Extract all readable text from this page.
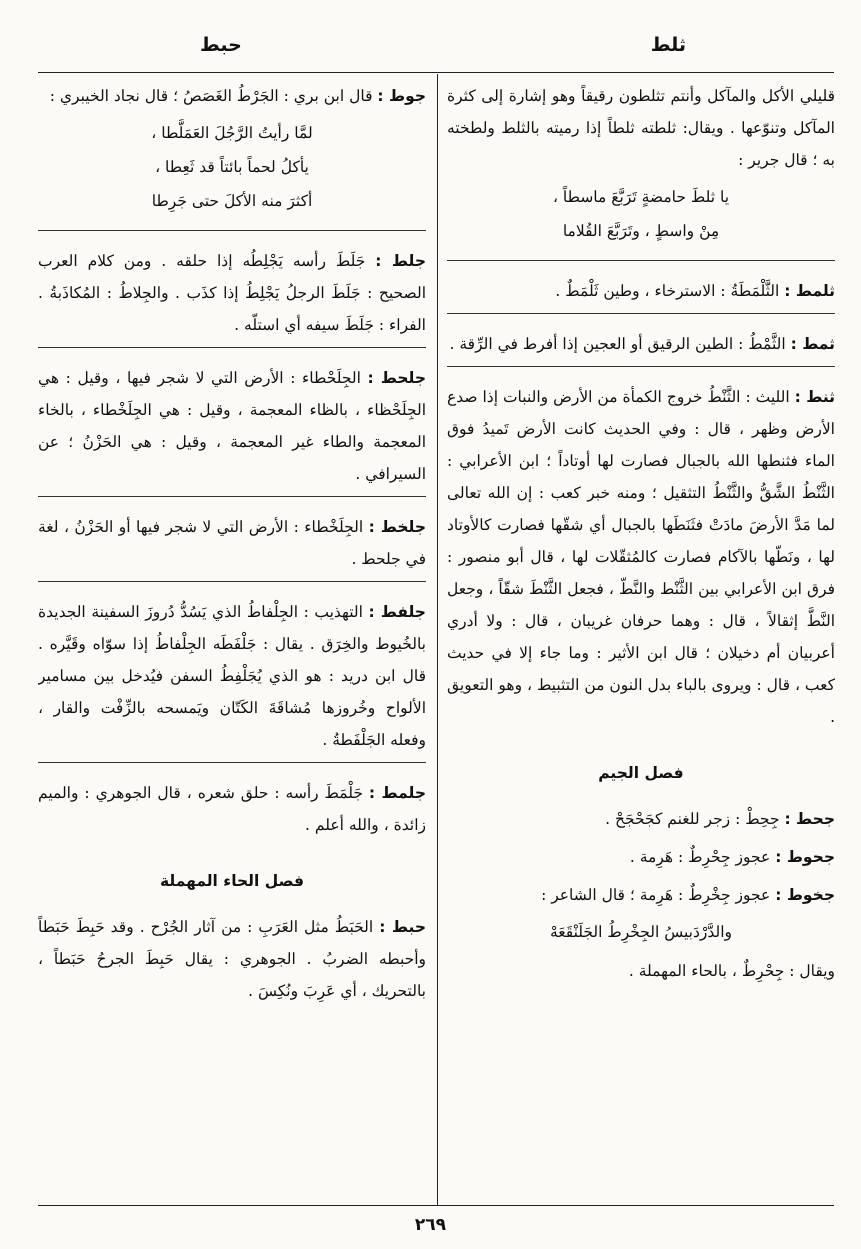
ثلط
حبط

قليلي الأكل والمآكل وأنتم تثلطون رقيقاً وهو إشارة إلى كثرة المآكل وتنوّعها . ويقال: ثلطته ثلطاً إذا رميته بالثلط ولطخته به ؛ قال جرير :

يا ثلطَ حامضةٍ تَرَبَّعَ ماسطاً ،
مِنْ واسطٍ ، وتَرَبَّعَ القُلاما

ثلمط : الثَّلْمَطَةُ : الاسترخاء ، وطين ثَلْمَطٌ .

ثمط : الثَّمْطُ : الطين الرقيق أو العجين إذا أفرط في الرِّقة .

ثنط : الليث : الثَّنْطُ خروج الكمأة من الأرض والنبات إذا صدع الأرض وظهر ، قال : وفي الحديث كانت الأرض تَميدُ فوق الماء فثنطها الله بالجبال فصارت لها أوتاداً ؛ ابن الأعرابي : الثَّنْطُ الشَّقُّ والثَّنْطُ التثقيل ؛ ومنه خبر كعب : إن الله تعالى لما مَدَّ الأرضَ مادَتْ فثَنَطَها بالجبال أي شقّها فصارت كالأوتاد لها ، ونَطّها بالآكام فصارت كالمُثقّلات لها ، قال أبو منصور : فرق ابن الأعرابي بين الثَّنْط والنَّطّ ، فجعل الثَّنْطَ شقّاً ، وجعل النَّطَّ إثقالاً ، قال : وهما حرفان غريبان ، قال : ولا أدري أعربيان أم دخيلان ؛ قال ابن الأثير : وما جاء إلا في حديث كعب ، قال : ويروى بالباء بدل النون من التثبيط ، وهو التعويق .

فصل الجيم

جحط : جِحِطْ : زجر للغنم كجَحْجَحْ .

جحوط : عجوز جِحْرِطٌ : هَرِمة .

جخوط : عجوز جِخْرِطٌ : هَرِمة ؛ قال الشاعر :

والدَّرْدَبيسُ الجِخْرِطُ الجَلَنْقَعَهْ

ويقال : جِحْرِطٌ ، بالحاء المهملة .

جوط : قال ابن بري : الجَرْطُ الغَصَصُ ؛ قال نجاد الخيبري :

لمَّا رأيتُ الرَّجُلَ العَمَلَّطا ،
يأكلُ لحماً بائتاً قد ثَعِطا ،
أكثرَ منه الأكلَ حتى جَرِطا

جلط : جَلَطَ رأسه يَجْلِطُه إذا حلقه . ومن كلام العرب الصحيح : جَلَطَ الرجلُ يَجْلِطُ إذا كذَب . والجِلاطُ : المُكاذَبةُ . الفراء : جَلَطَ سيفه أي استلّه .

جلحط : الجِلَحْطاء : الأرض التي لا شجر فيها ، وقيل : هي الجِلَحْظاء ، بالظاء المعجمة ، وقيل : هي الجِلَخْطاء ، بالخاء المعجمة والطاء غير المعجمة ، وقيل : هي الحَزْنُ ؛ عن السيرافي .

جلخط : الجِلَخْطاء : الأرض التي لا شجر فيها أو الحَزْنُ ، لغة في جلحط .

جلفط : التهذيب : الجِلْفاطُ الذي يَسُدُّ دُروزَ السفينة الجديدة بالخُيوط والخِرَق . يقال : جَلْفَطَه الجِلْفاطُ إذا سوّاه وقَيَّره . قال ابن دريد : هو الذي يُجَلْفِطُ السفن فيُدخل بين مسامير الألواح وخُروزها مُشاقَةَ الكَتّان ويَمسحه بالزِّفْت والقار ، وفعله الجَلْفَطةُ .

جلمط : جَلْمَطَ رأسه : حلق شعره ، قال الجوهري : والميم زائدة ، والله أعلم .

فصل الحاء المهملة

حبط : الحَبَطُ مثل العَرَبِ : من آثار الجُرْح . وقد حَبِطَ حَبَطاً وأحبطه الضربُ . الجوهري : يقال حَبِطَ الجرحُ حَبَطاً ، بالتحريك ، أي عَرِبَ ونُكِسَ .

٢٦٩
